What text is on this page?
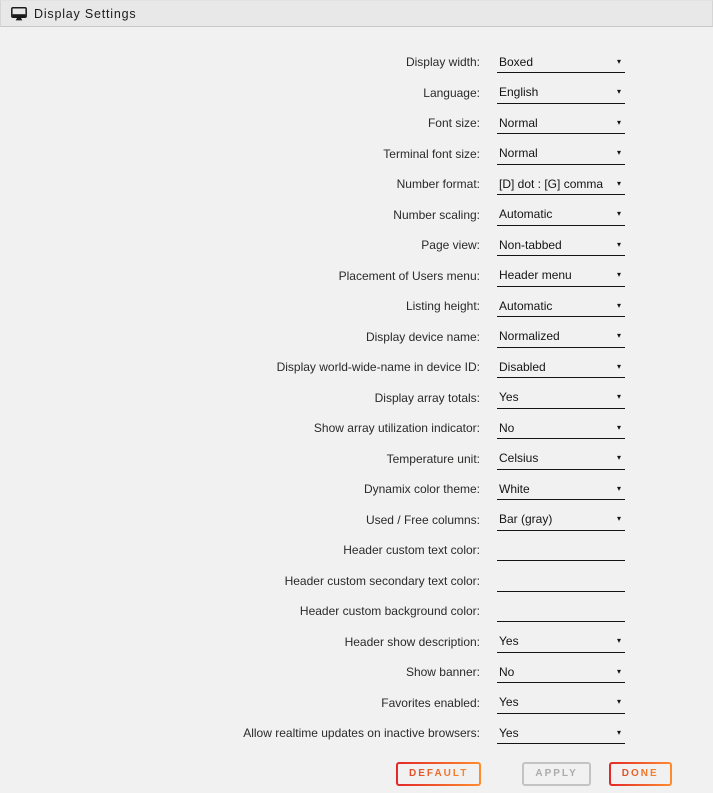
Display Settings
Display width: Boxed	▾
Language: English	▾
Font size: Normal	▾
Terminal font size: Normal	▾
Number format: [D] dot : [G] comma ▾
Number scaling: Automatic	▾
Page view: Non-tabbed	▾
Placement of Users menu: Header menu	▾
Listing height: Automatic	▾
Display device name: Normalized	▾
Display world-wide-name in device ID: Disabled	▾
Display array totals: Yes	▾
Show array utilization indicator: No	▾
Temperature unit: Celsius	▾
Dynamix color theme: White	▾
Used / Free columns: Bar (gray)	▾
Header custom text color:
Header custom secondary text color:
Header custom background color:
Header show description: Yes	▾
Show banner: No	▾
Favorites enabled: Yes	▾
Allow realtime updates on inactive browsers: Yes	▾
DEFAULT	APPLY	DONE
